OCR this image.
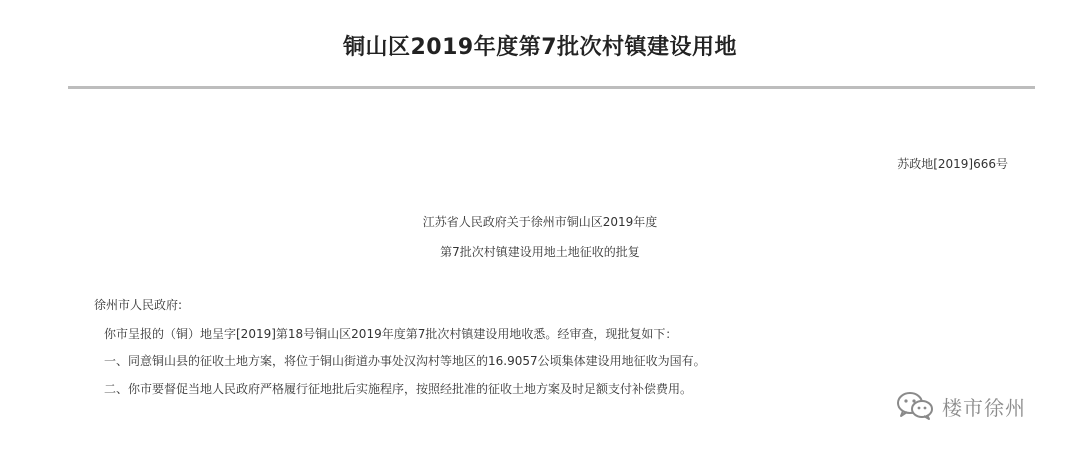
铜山区2019年度第7批次村镇建设用地
苏政地[2019]666号
江苏省人民政府关于徐州市铜山区2019年度
第7批次村镇建设用地土地征收的批复
徐州市人民政府:
你市呈报的（铜）地呈字[2019]第18号铜山区2019年度第7批次村镇建设用地收悉。经审查，现批复如下：
一、同意铜山县的征收土地方案，将位于铜山街道办事处汉沟村等地区的16.9057公顷集体建设用地征收为国有。
二、你市要督促当地人民政府严格履行征地批后实施程序，按照经批准的征收土地方案及时足额支付补偿费用。
楼市徐州
